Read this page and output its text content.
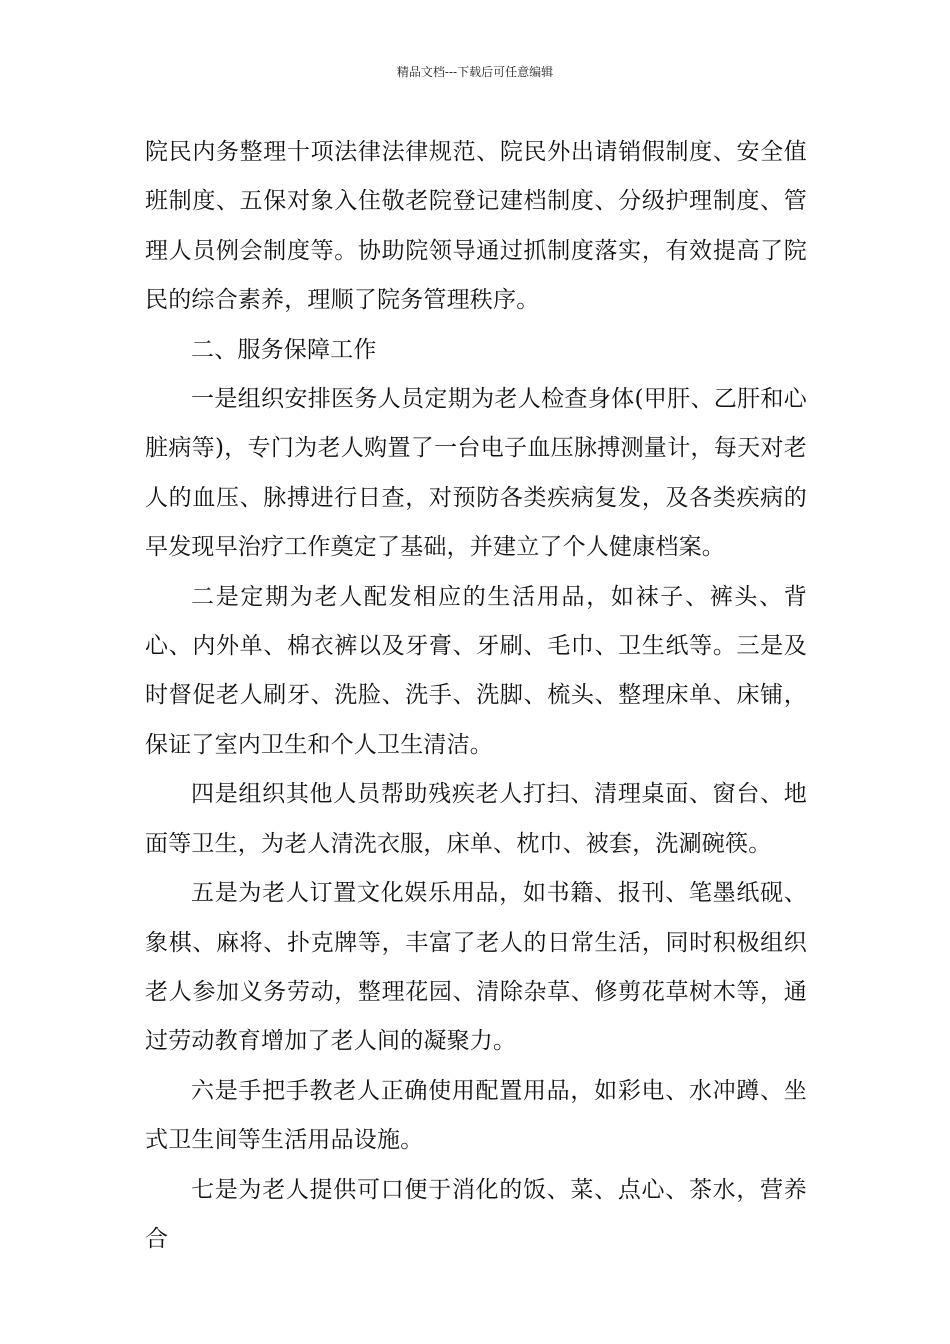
精品文档---下载后可任意编辑

院民内务整理十项法律法律规范、院民外出请销假制度、安全值班制度、五保对象入住敬老院登记建档制度、分级护理制度、管理人员例会制度等。协助院领导通过抓制度落实，有效提高了院民的综合素养，理顺了院务管理秩序。

二、服务保障工作

一是组织安排医务人员定期为老人检查身体(甲肝、乙肝和心脏病等)，专门为老人购置了一台电子血压脉搏测量计，每天对老人的血压、脉搏进行日查，对预防各类疾病复发，及各类疾病的早发现早治疗工作奠定了基础，并建立了个人健康档案。

二是定期为老人配发相应的生活用品，如袜子、裤头、背心、内外单、棉衣裤以及牙膏、牙刷、毛巾、卫生纸等。三是及时督促老人刷牙、洗脸、洗手、洗脚、梳头、整理床单、床铺，保证了室内卫生和个人卫生清洁。

四是组织其他人员帮助残疾老人打扫、清理桌面、窗台、地面等卫生，为老人清洗衣服，床单、枕巾、被套，洗涮碗筷。

五是为老人订置文化娱乐用品，如书籍、报刊、笔墨纸砚、象棋、麻将、扑克牌等，丰富了老人的日常生活，同时积极组织老人参加义务劳动，整理花园、清除杂草、修剪花草树木等，通过劳动教育增加了老人间的凝聚力。

六是手把手教老人正确使用配置用品，如彩电、水冲蹲、坐式卫生间等生活用品设施。

七是为老人提供可口便于消化的饭、菜、点心、茶水，营养合
